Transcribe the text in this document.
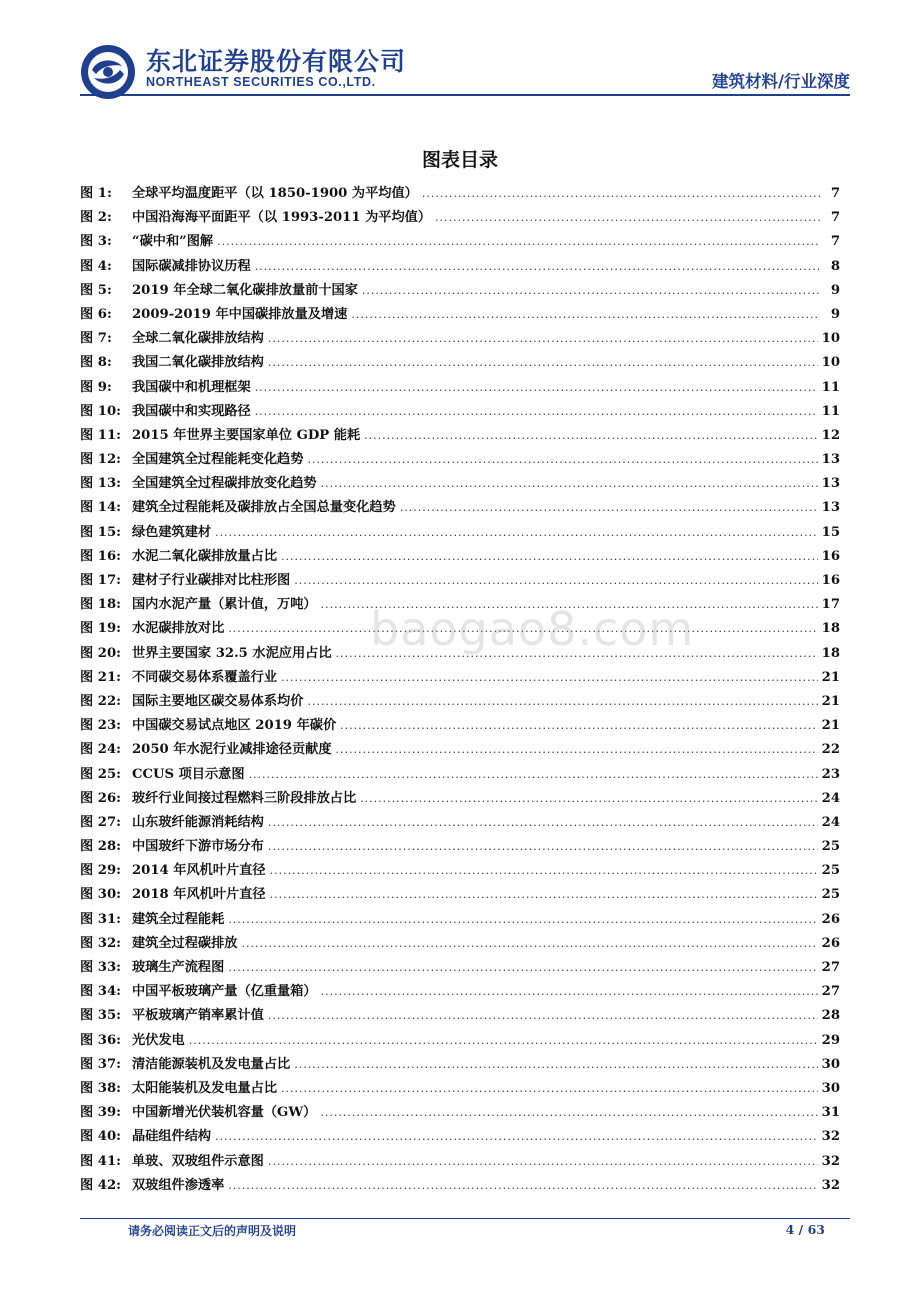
东北证券股份有限公司
NORTHEAST SECURITIES CO.,LTD.	建筑材料/行业深度
图表目录
图 1:	全球平均温度距平（以 1850-1900 为平均值） .....	7
图 2:	中国沿海海平面距平（以 1993-2011 为平均值） .....	7
图 3:	“碳中和”图解 .....	7
图 4:	国际碳减排协议历程 .....	8
图 5:	2019 年全球二氧化碳排放量前十国家 .....	9
图 6:	2009-2019 年中国碳排放量及增速 .....	9
图 7:	全球二氧化碳排放结构 .....	10
图 8:	我国二氧化碳排放结构 .....	10
图 9:	我国碳中和机理框架 .....	11
图 10: 我国碳中和实现路径 .....	11
图 11: 2015 年世界主要国家单位 GDP 能耗 .....	12
图 12: 全国建筑全过程能耗变化趋势 .....	13
图 13: 全国建筑全过程碳排放变化趋势 .....	13
图 14: 建筑全过程能耗及碳排放占全国总量变化趋势 .....	13
图 15: 绿色建筑建材 .....	15
图 16: 水泥二氧化碳排放量占比 .....	16
图 17: 建材子行业碳排对比柱形图 .....	16
图 18: 国内水泥产量（累计值，万吨） .....	17
图 19: 水泥碳排放对比 .....	18
图 20: 世界主要国家 32.5 水泥应用占比 .....	18
图 21: 不同碳交易体系覆盖行业 .....	21
图 22: 国际主要地区碳交易体系均价 .....	21
图 23: 中国碳交易试点地区 2019 年碳价 .....	21
图 24: 2050 年水泥行业减排途径贡献度 .....	22
图 25: CCUS 项目示意图 .....	23
图 26: 玻纤行业间接过程燃料三阶段排放占比 .....	24
图 27: 山东玻纤能源消耗结构 .....	24
图 28: 中国玻纤下游市场分布 .....	25
图 29: 2014 年风机叶片直径 .....	25
图 30: 2018 年风机叶片直径 .....	25
图 31: 建筑全过程能耗 .....	26
图 32: 建筑全过程碳排放 .....	26
图 33: 玻璃生产流程图 .....	27
图 34: 中国平板玻璃产量（亿重量箱） .....	27
图 35: 平板玻璃产销率累计值 .....	28
图 36: 光伏发电 .....	29
图 37: 清洁能源装机及发电量占比 .....	30
图 38: 太阳能装机及发电量占比 .....	30
图 39: 中国新增光伏装机容量（GW） .....	31
图 40: 晶硅组件结构 .....	32
图 41: 单玻、双玻组件示意图 .....	32
图 42: 双玻组件渗透率 .....	32
baogao8.com
请务必阅读正文后的声明及说明	4 / 63
